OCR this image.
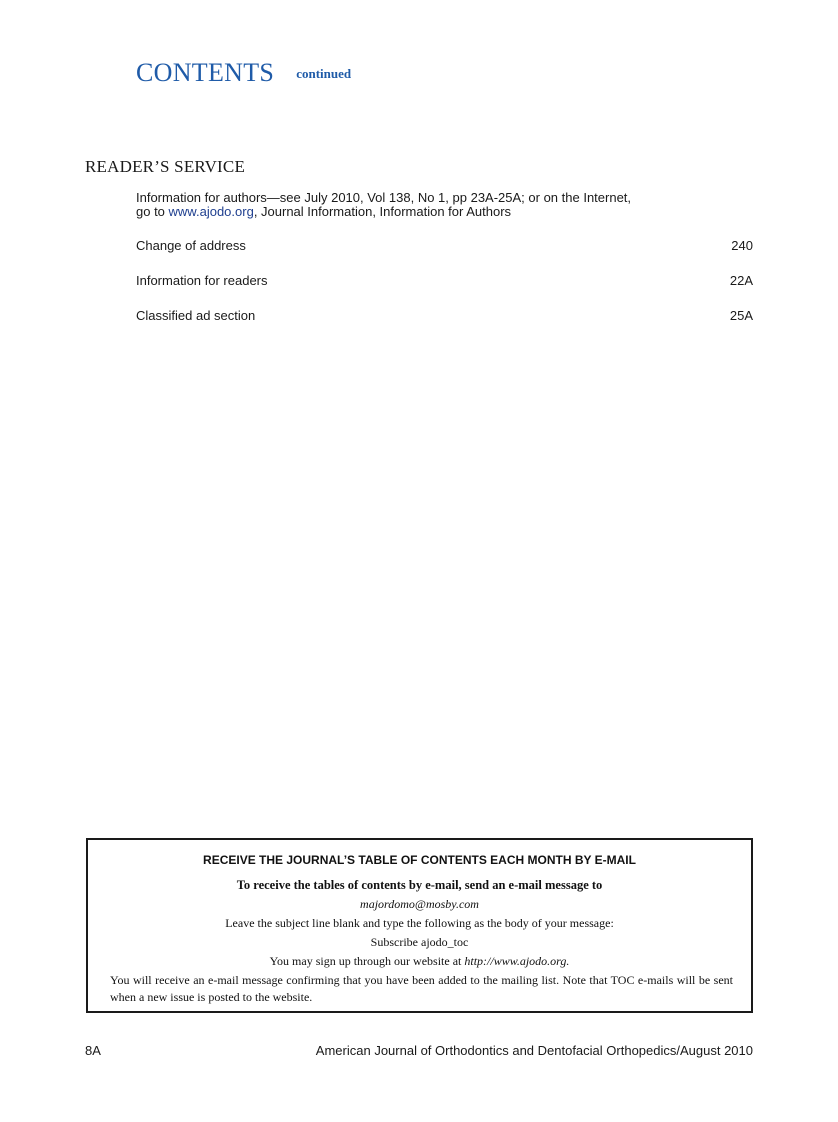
CONTENTS continued
READER’S SERVICE
Information for authors—see July 2010, Vol 138, No 1, pp 23A-25A; or on the Internet,
go to www.ajodo.org, Journal Information, Information for Authors
Change of address	240
Information for readers	22A
Classified ad section	25A
RECEIVE THE JOURNAL’S TABLE OF CONTENTS EACH MONTH BY E-MAIL
To receive the tables of contents by e-mail, send an e-mail message to
majordomo@mosby.com
Leave the subject line blank and type the following as the body of your message:
Subscribe ajodo_toc
You may sign up through our website at http://www.ajodo.org.
You will receive an e-mail message confirming that you have been added to the mailing list. Note that TOC e-mails will be sent when a new issue is posted to the website.
8A	American Journal of Orthodontics and Dentofacial Orthopedics/August 2010
